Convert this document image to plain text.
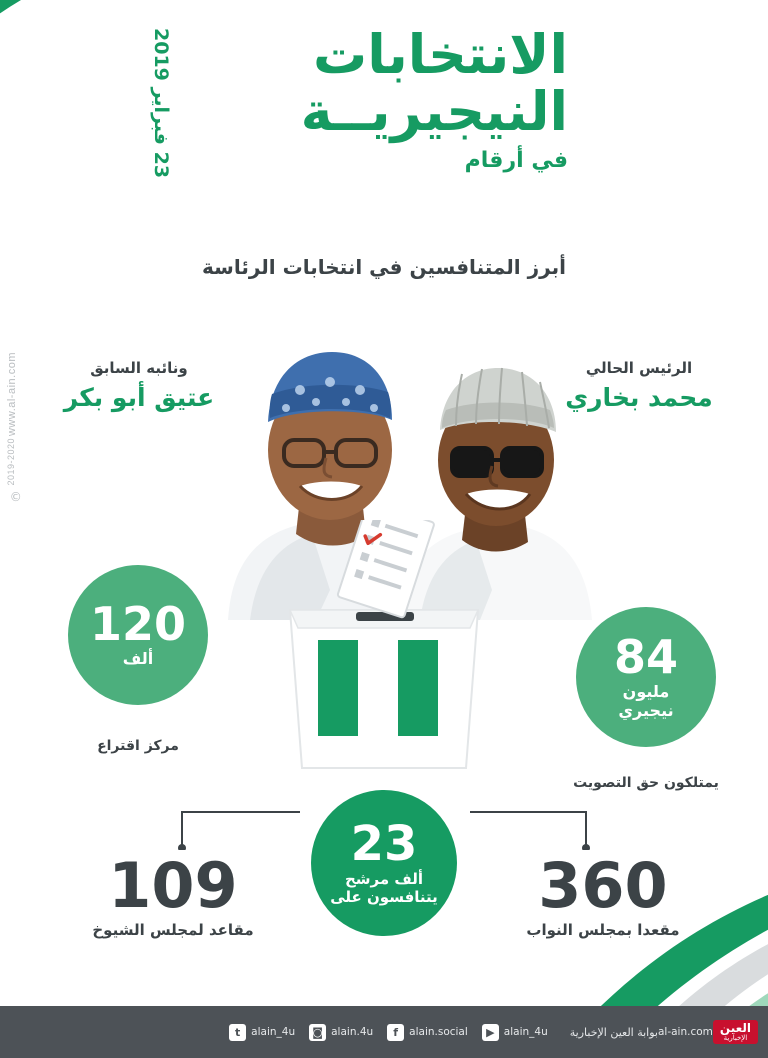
www.al-ain.com
2019-2020
©
الانتخابات
النيجيريــة
في أرقام
23 فبراير 2019
أبرز المتنافسين في انتخابات الرئاسة
الرئيس الحالي
محمد بخاري
ونائبه السابق
عتيق أبو بكر
120
ألف
مركز اقتراع
84
مليون
نيجيري
يمتلكون حق التصويت
23
ألف مرشح
يتنافسون على
109
مقاعد لمجلس الشيوخ
360
مقعدا بمجلس النواب
العين
الإخبارية
al-ain.com
t	alain_4u ◙ alain.4u	f	alain.social	▶ alain_4u بوابة العين الإخبارية
